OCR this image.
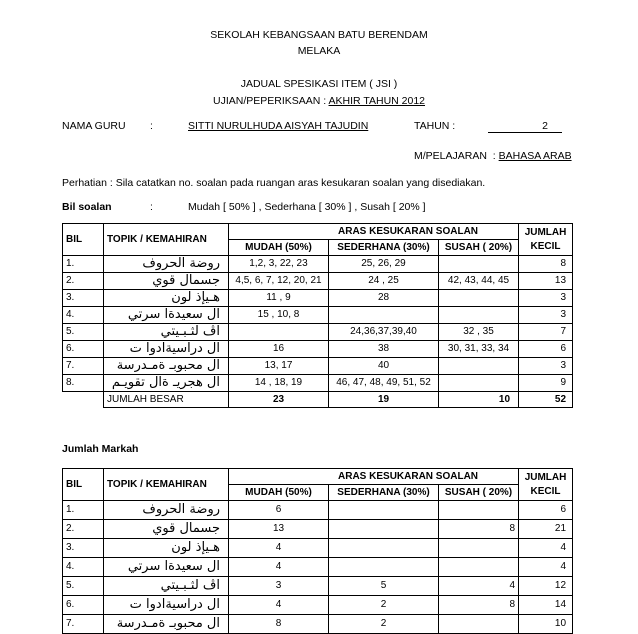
SEKOLAH KEBANGSAAN BATU BERENDAM
MELAKA
JADUAL SPESIKASI ITEM ( JSI )
UJIAN/PEPERIKSAAN : AKHIR TAHUN 2012
NAMA GURU :	SITTI NURULHUDA AISYAH TAJUDIN	TAHUN :	2
M/PELAJARAN : BAHASA ARAB
Perhatian : Sila catatkan no. soalan pada ruangan aras kesukaran soalan yang disediakan.
Bil soalan	:	Mudah [ 50% ] , Sederhana [ 30% ] , Susah [ 20% ]
BIL	TOPIK / KEMAHIRAN	ARAS KESUKARAN SOALAN			JUMLAH
KECIL

		MUDAH (50%)	SEDERHANA (30%)	SUSAH ( 20%)	
1.	روضة الحروف	1,2, 3, 22, 23	25, 26, 29		8
2.	جسمال قوي	4,5, 6, 7, 12, 20, 21	24 , 25	42, 43, 44, 45	13
3.	هـيإذ لون	11 , 9	28		3
4.	ال سعيدةا سرتي	15 , 10, 8			3
5.	اڤ لثـبـيتي		24,36,37,39,40	32 , 35	7
6.	ال دراسيةادوا ت	16	38	30, 31, 33, 34	6
7.	ال محبوبـ ةمـدرسة	13, 17	40		3
8.	ال هجريـ ةال تقويـم	14 , 18, 19	46, 47, 48, 49, 51, 52		9
	JUMLAH BESAR	23	19	10	52
Jumlah Markah
BIL	TOPIK / KEMAHIRAN	ARAS KESUKARAN SOALAN			JUMLAH
KECIL

		MUDAH (50%)	SEDERHANA (30%)	SUSAH ( 20%)	
1.	روضة الحروف	6			6
2.	جسمال قوي	13		8	21
3.	هـيإذ لون	4			4
4.	ال سعيدةا سرتي	4			4
5.	اڤ لثـبـيتي	3	5	4	12
6.	ال دراسيةادوا ت	4	2	8	14
7.	ال محبوبـ ةمـدرسة	8	2		10
